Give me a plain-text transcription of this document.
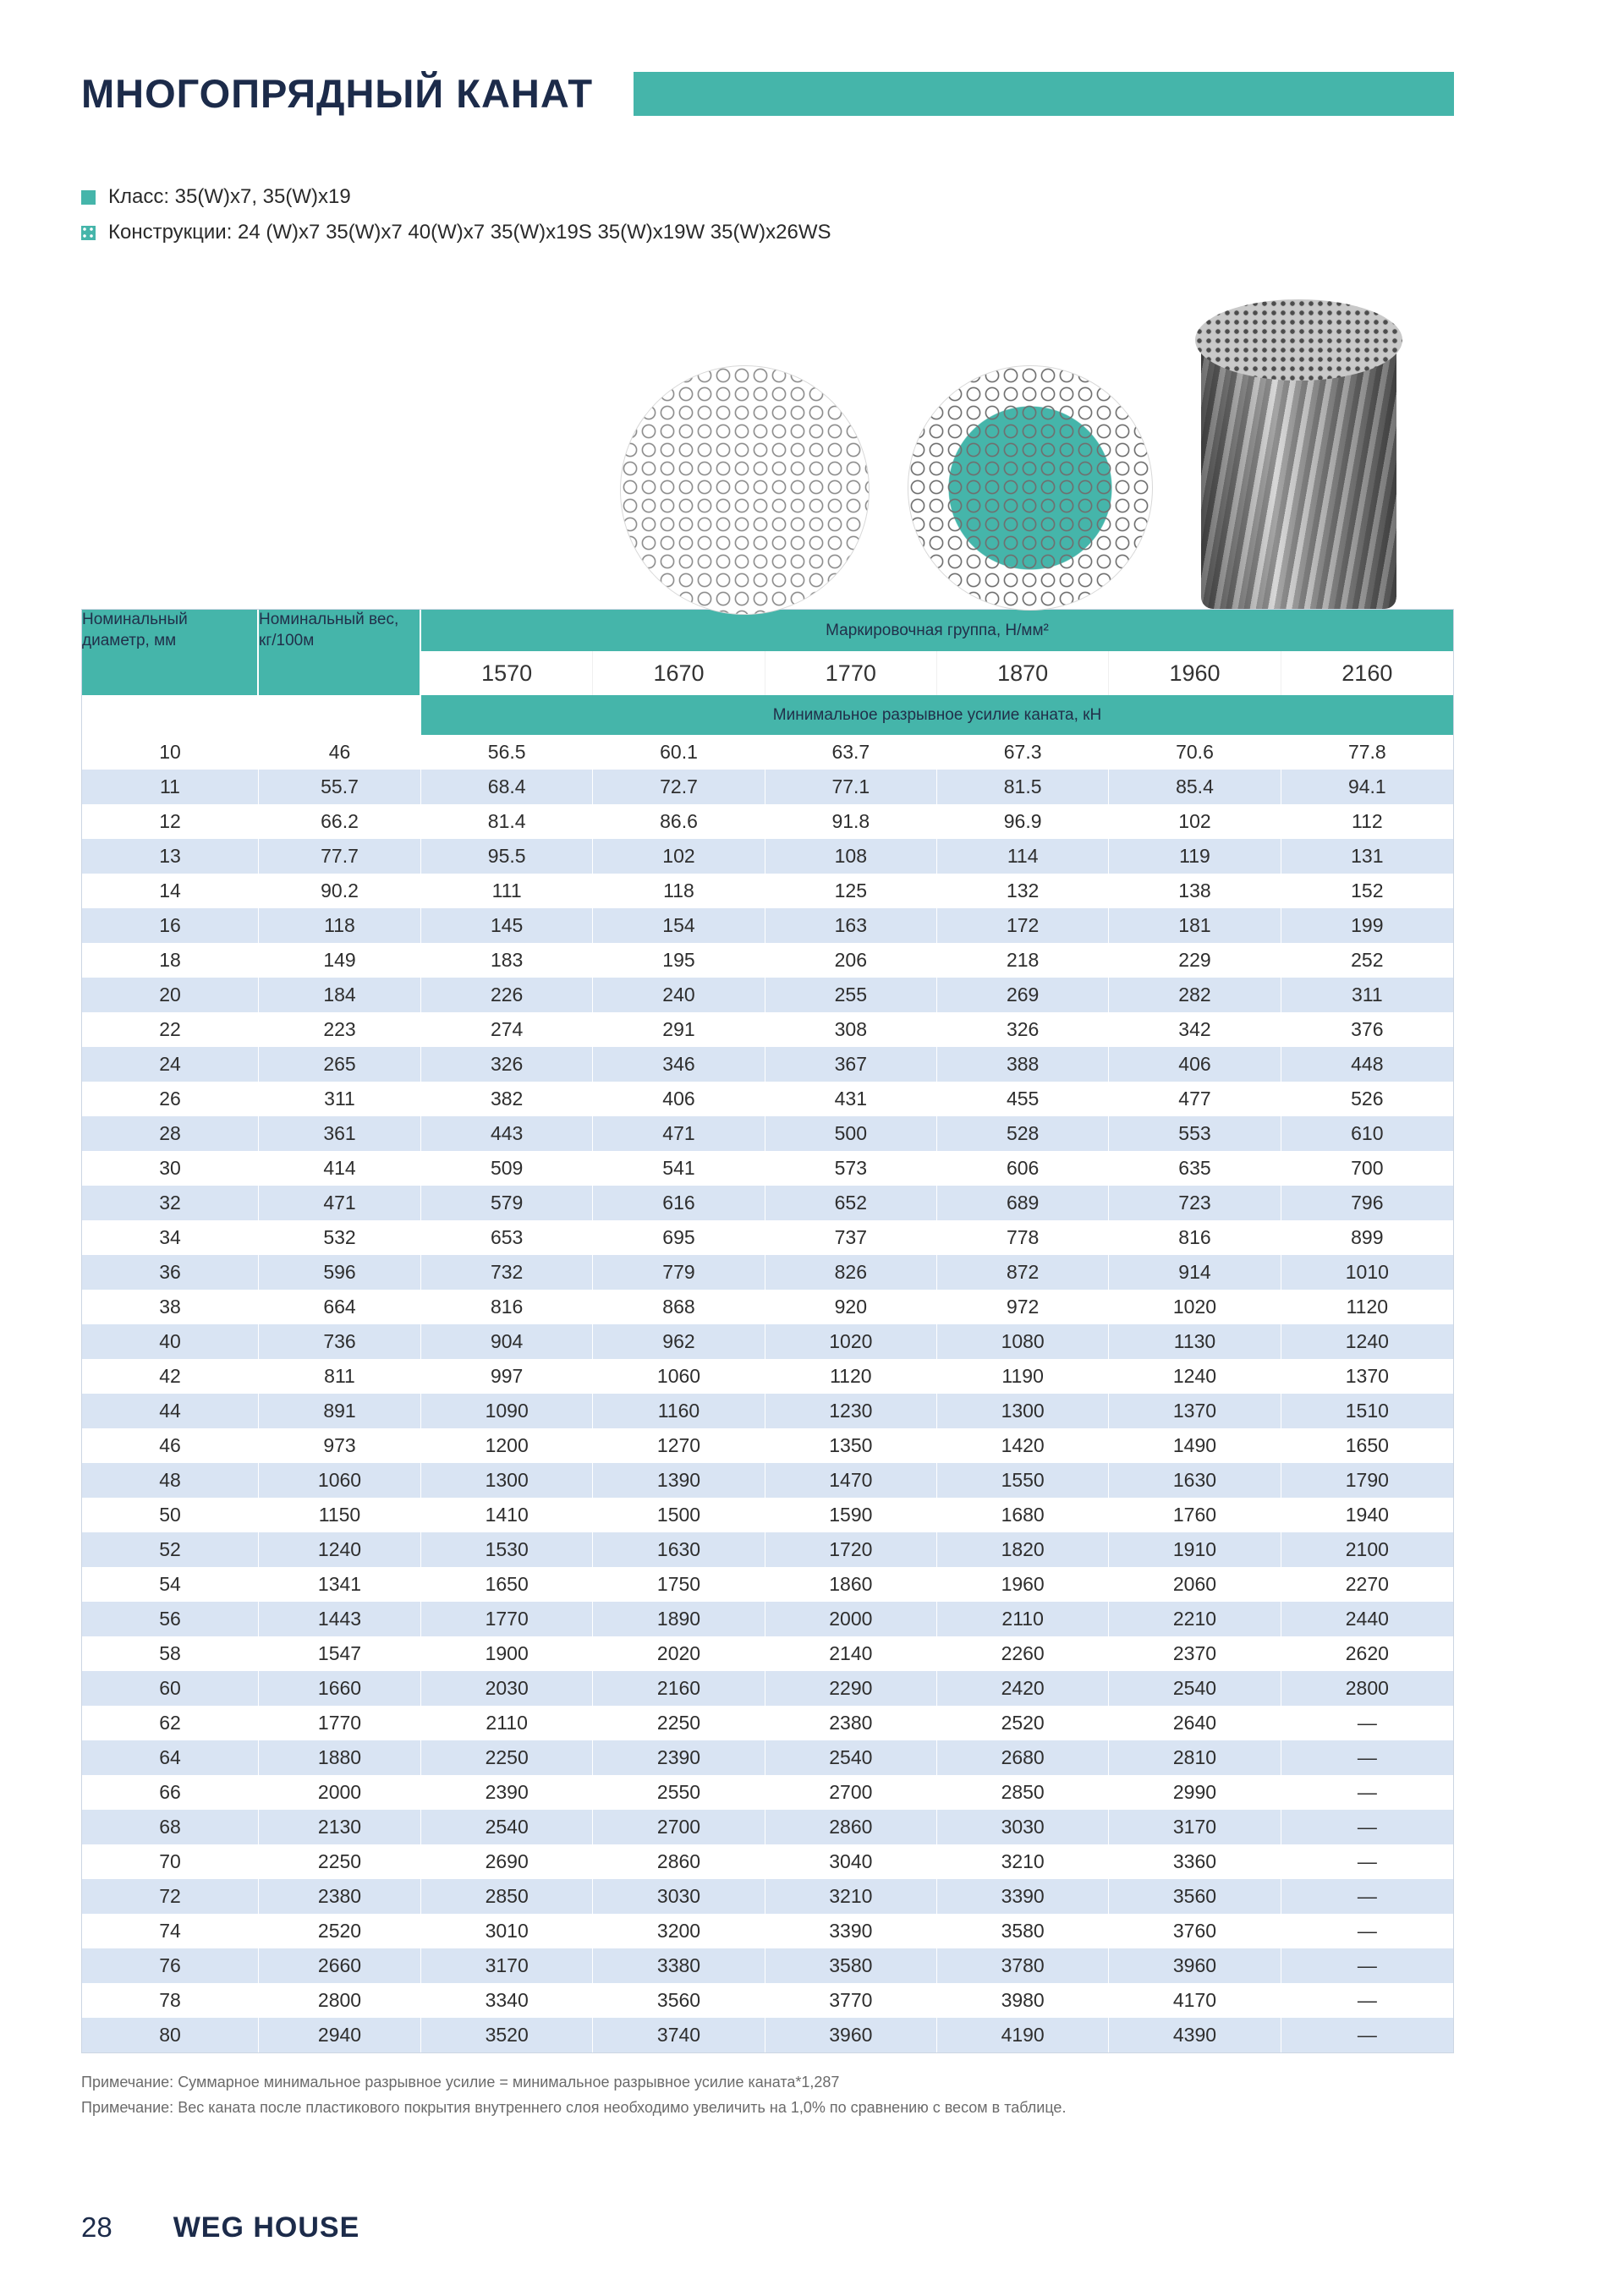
МНОГОПРЯДНЫЙ КАНАТ
Класс: 35(W)x7, 35(W)x19
Конструкции: 24 (W)x7 35(W)x7 40(W)x7 35(W)x19S 35(W)x19W 35(W)x26WS
Номинальный диаметр, мм	Номинальный вес, кг/100м	Маркировочная группа, Н/мм²					
		1570	1670	1770	1870	1960	2160
		Минимальное разрывное усилие каната, кН					
10	46	56.5	60.1	63.7	67.3	70.6	77.8
11	55.7	68.4	72.7	77.1	81.5	85.4	94.1
12	66.2	81.4	86.6	91.8	96.9	102	112
13	77.7	95.5	102	108	114	119	131
14	90.2	111	118	125	132	138	152
16	118	145	154	163	172	181	199
18	149	183	195	206	218	229	252
20	184	226	240	255	269	282	311
22	223	274	291	308	326	342	376
24	265	326	346	367	388	406	448
26	311	382	406	431	455	477	526
28	361	443	471	500	528	553	610
30	414	509	541	573	606	635	700
32	471	579	616	652	689	723	796
34	532	653	695	737	778	816	899
36	596	732	779	826	872	914	1010
38	664	816	868	920	972	1020	1120
40	736	904	962	1020	1080	1130	1240
42	811	997	1060	1120	1190	1240	1370
44	891	1090	1160	1230	1300	1370	1510
46	973	1200	1270	1350	1420	1490	1650
48	1060	1300	1390	1470	1550	1630	1790
50	1150	1410	1500	1590	1680	1760	1940
52	1240	1530	1630	1720	1820	1910	2100
54	1341	1650	1750	1860	1960	2060	2270
56	1443	1770	1890	2000	2110	2210	2440
58	1547	1900	2020	2140	2260	2370	2620
60	1660	2030	2160	2290	2420	2540	2800
62	1770	2110	2250	2380	2520	2640	—
64	1880	2250	2390	2540	2680	2810	—
66	2000	2390	2550	2700	2850	2990	—
68	2130	2540	2700	2860	3030	3170	—
70	2250	2690	2860	3040	3210	3360	—
72	2380	2850	3030	3210	3390	3560	—
74	2520	3010	3200	3390	3580	3760	—
76	2660	3170	3380	3580	3780	3960	—
78	2800	3340	3560	3770	3980	4170	—
80	2940	3520	3740	3960	4190	4390	—

Примечание: Суммарное минимальное разрывное усилие = минимальное разрывное усилие каната*1,287

Примечание: Вес каната после пластикового покрытия внутреннего слоя необходимо увеличить на 1,0% по сравнению с весом в таблице.

28 WEG HOUSE
